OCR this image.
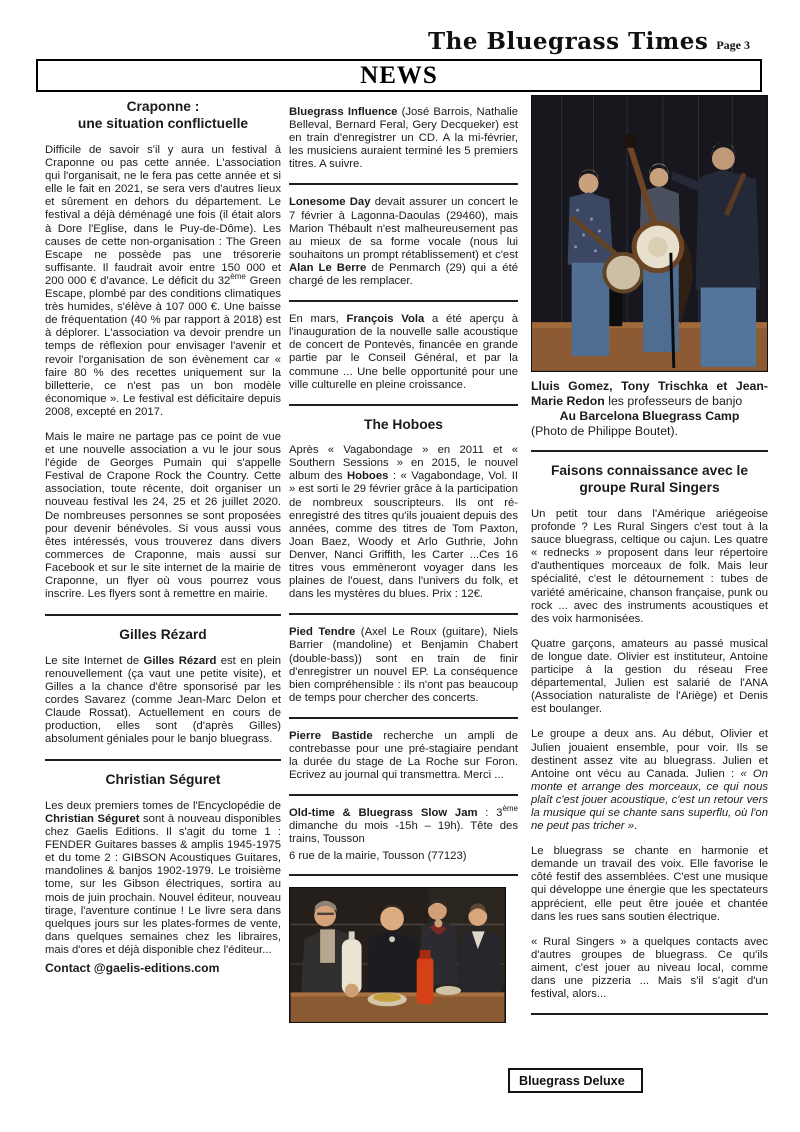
The Bluegrass Times Page 3
NEWS
Craponne :
une situation conflictuelle

Difficile de savoir s'il y aura un festival à Craponne ou pas cette année. L'association qui l'organisait, ne le fera pas cette année et si elle le fait en 2021, se sera vers d'autres lieux et sûrement en dehors du département. Le festival a déjà déménagé une fois (il était alors à Dore l'Eglise, dans le Puy-de-Dôme). Les causes de cette non-organisation : The Green Escape ne possède pas une trésorerie suffisante. Il faudrait avoir entre 150 000 et 200 000 € d'avance. Le déficit du 32ème Green Escape, plombé par des conditions climatiques très humides, s'élève à 107 000 €. Une baisse de fréquentation (40 % par rapport à 2018) est à déplorer. L'association va devoir prendre un temps de réflexion pour envisager l'avenir et revoir l'organisation de son évènement car « faire 80 % des recettes uniquement sur la billetterie, ce n'est pas un bon modèle économique ». Le festival est déficitaire depuis 2008, excepté en 2017.

Mais le maire ne partage pas ce point de vue et une nouvelle association a vu le jour sous l'égide de Georges Pumain qui s'appelle Festival de Crapone Rock the Country. Cette association, toute récente, doit organiser un nouveau festival les 24, 25 et 26 juillet 2020. De nombreuses personnes se sont proposées pour devenir bénévoles. Si vous aussi vous êtes intéressés, vous trouverez dans divers commerces de Craponne, mais aussi sur Facebook et sur le site internet de la mairie de Craponne, un flyer où vous pourrez vous inscrire. Les flyers sont à remettre en mairie.

Gilles Rézard

Le site Internet de Gilles Rézard est en plein renouvellement (ça vaut une petite visite), et Gilles a la chance d'être sponsorisé par les cordes Savarez (comme Jean-Marc Delon et Claude Rossat). Actuellement en cours de production, elles sont (d'après Gilles) absolument géniales pour le banjo bluegrass.

Christian Séguret

Les deux premiers tomes de l'Encyclopédie de Christian Séguret sont à nouveau disponibles chez Gaelis Editions. Il s'agit du tome 1 : FENDER Guitares basses & amplis 1945-1975 et du tome 2 : GIBSON Acoustiques Guitares, mandolines & banjos 1902-1979. Le troisième tome, sur les Gibson électriques, sortira au mois de juin prochain. Nouvel éditeur, nouveau tirage, l'aventure continue ! Le livre sera dans quelques jours sur les plates-formes de vente, dans quelques semaines chez les libraires, mais d'ores et déjà disponible chez l'éditeur...

Contact @gaelis-editions.com

Bluegrass Influence (José Barrois, Nathalie Belleval, Bernard Feral, Gery Decqueker) est en train d'enregistrer un CD. A la mi-février, les musiciens auraient terminé les 5 premiers titres. A suivre.

Lonesome Day devait assurer un concert le 7 février à Lagonna-Daoulas (29460), mais Marion Thébault n'est malheureusement pas au mieux de sa forme vocale (nous lui souhaitons un prompt rétablissement) et c'est Alan Le Berre de Penmarch (29) qui a été chargé de les remplacer.

En mars, François Vola a été aperçu à l'inauguration de la nouvelle salle acoustique de concert de Pontevès, financée en grande partie par le Conseil Général, et par la commune ... Une belle opportunité pour une ville culturelle en pleine croissance.

The Hoboes

Après « Vagabondage » en 2011 et « Southern Sessions » en 2015, le nouvel album des Hoboes : « Vagabondage, Vol. II » est sorti le 29 février grâce à la participation de nombreux souscripteurs. Ils ont ré-enregistré des titres qu'ils jouaient depuis des années, comme des titres de Tom Paxton, Joan Baez, Woody et Arlo Guthrie, John Denver, Nanci Griffith, les Carter ...Ces 16 titres vous emmèneront voyager dans les plaines de l'ouest, dans l'univers du folk, et dans les mystères du blues. Prix : 12€.

Pied Tendre (Axel Le Roux (guitare), Niels Barrier (mandoline) et Benjamin Chabert (double-bass)) sont en train de finir d'enregistrer un nouvel EP. La conséquence bien compréhensible : ils n'ont pas beaucoup de temps pour chercher des concerts.

Pierre Bastide recherche un ampli de contrebasse pour une pré-stagiaire pendant la durée du stage de La Roche sur Foron. Ecrivez au journal qui transmettra. Merci ...

Old-time & Bluegrass Slow Jam : 3ème dimanche du mois -15h – 19h). Tête des trains, Tousson

6 rue de la mairie, Tousson (77123)

Lluis Gomez, Tony Trischka et Jean-Marie Redon les professeurs de banjo

Au Barcelona Bluegrass Camp

(Photo de Philippe Boutet).

Faisons connaissance avec le
groupe Rural Singers

Un petit tour dans l'Amérique ariégeoise profonde ? Les Rural Singers c'est tout à la sauce bluegrass, celtique ou cajun. Les quatre « rednecks » proposent dans leur répertoire d'authentiques morceaux de folk. Mais leur spécialité, c'est le détournement : tubes de variété américaine, chanson française, punk ou rock ... avec des instruments acoustiques et des voix harmonisées.

Quatre garçons, amateurs au passé musical de longue date. Olivier est instituteur, Antoine participe à la gestion du réseau Free départemental, Julien est salarié de l'ANA (Association naturaliste de l'Ariège) et Denis est boulanger.

Le groupe a deux ans. Au début, Olivier et Julien jouaient ensemble, pour voir. Ils se destinent assez vite au bluegrass. Julien et Antoine ont vécu au Canada. Julien : « On monte et arrange des morceaux, ce qui nous plaît c'est jouer acoustique, c'est un retour vers la musique qui se chante sans superflu, où l'on ne peut pas tricher ».

Le bluegrass se chante en harmonie et demande un travail des voix. Elle favorise le côté festif des assemblées. C'est une musique qui développe une énergie que les spectateurs apprécient, elle peut être jouée et chantée dans les rues sans soutien électrique.

« Rural Singers » a quelques contacts avec d'autres groupes de bluegrass. Ce qu'ils aiment, c'est jouer au niveau local, comme dans une pizzeria ... Mais s'il s'agit d'un festival, alors...

Bluegrass Deluxe
